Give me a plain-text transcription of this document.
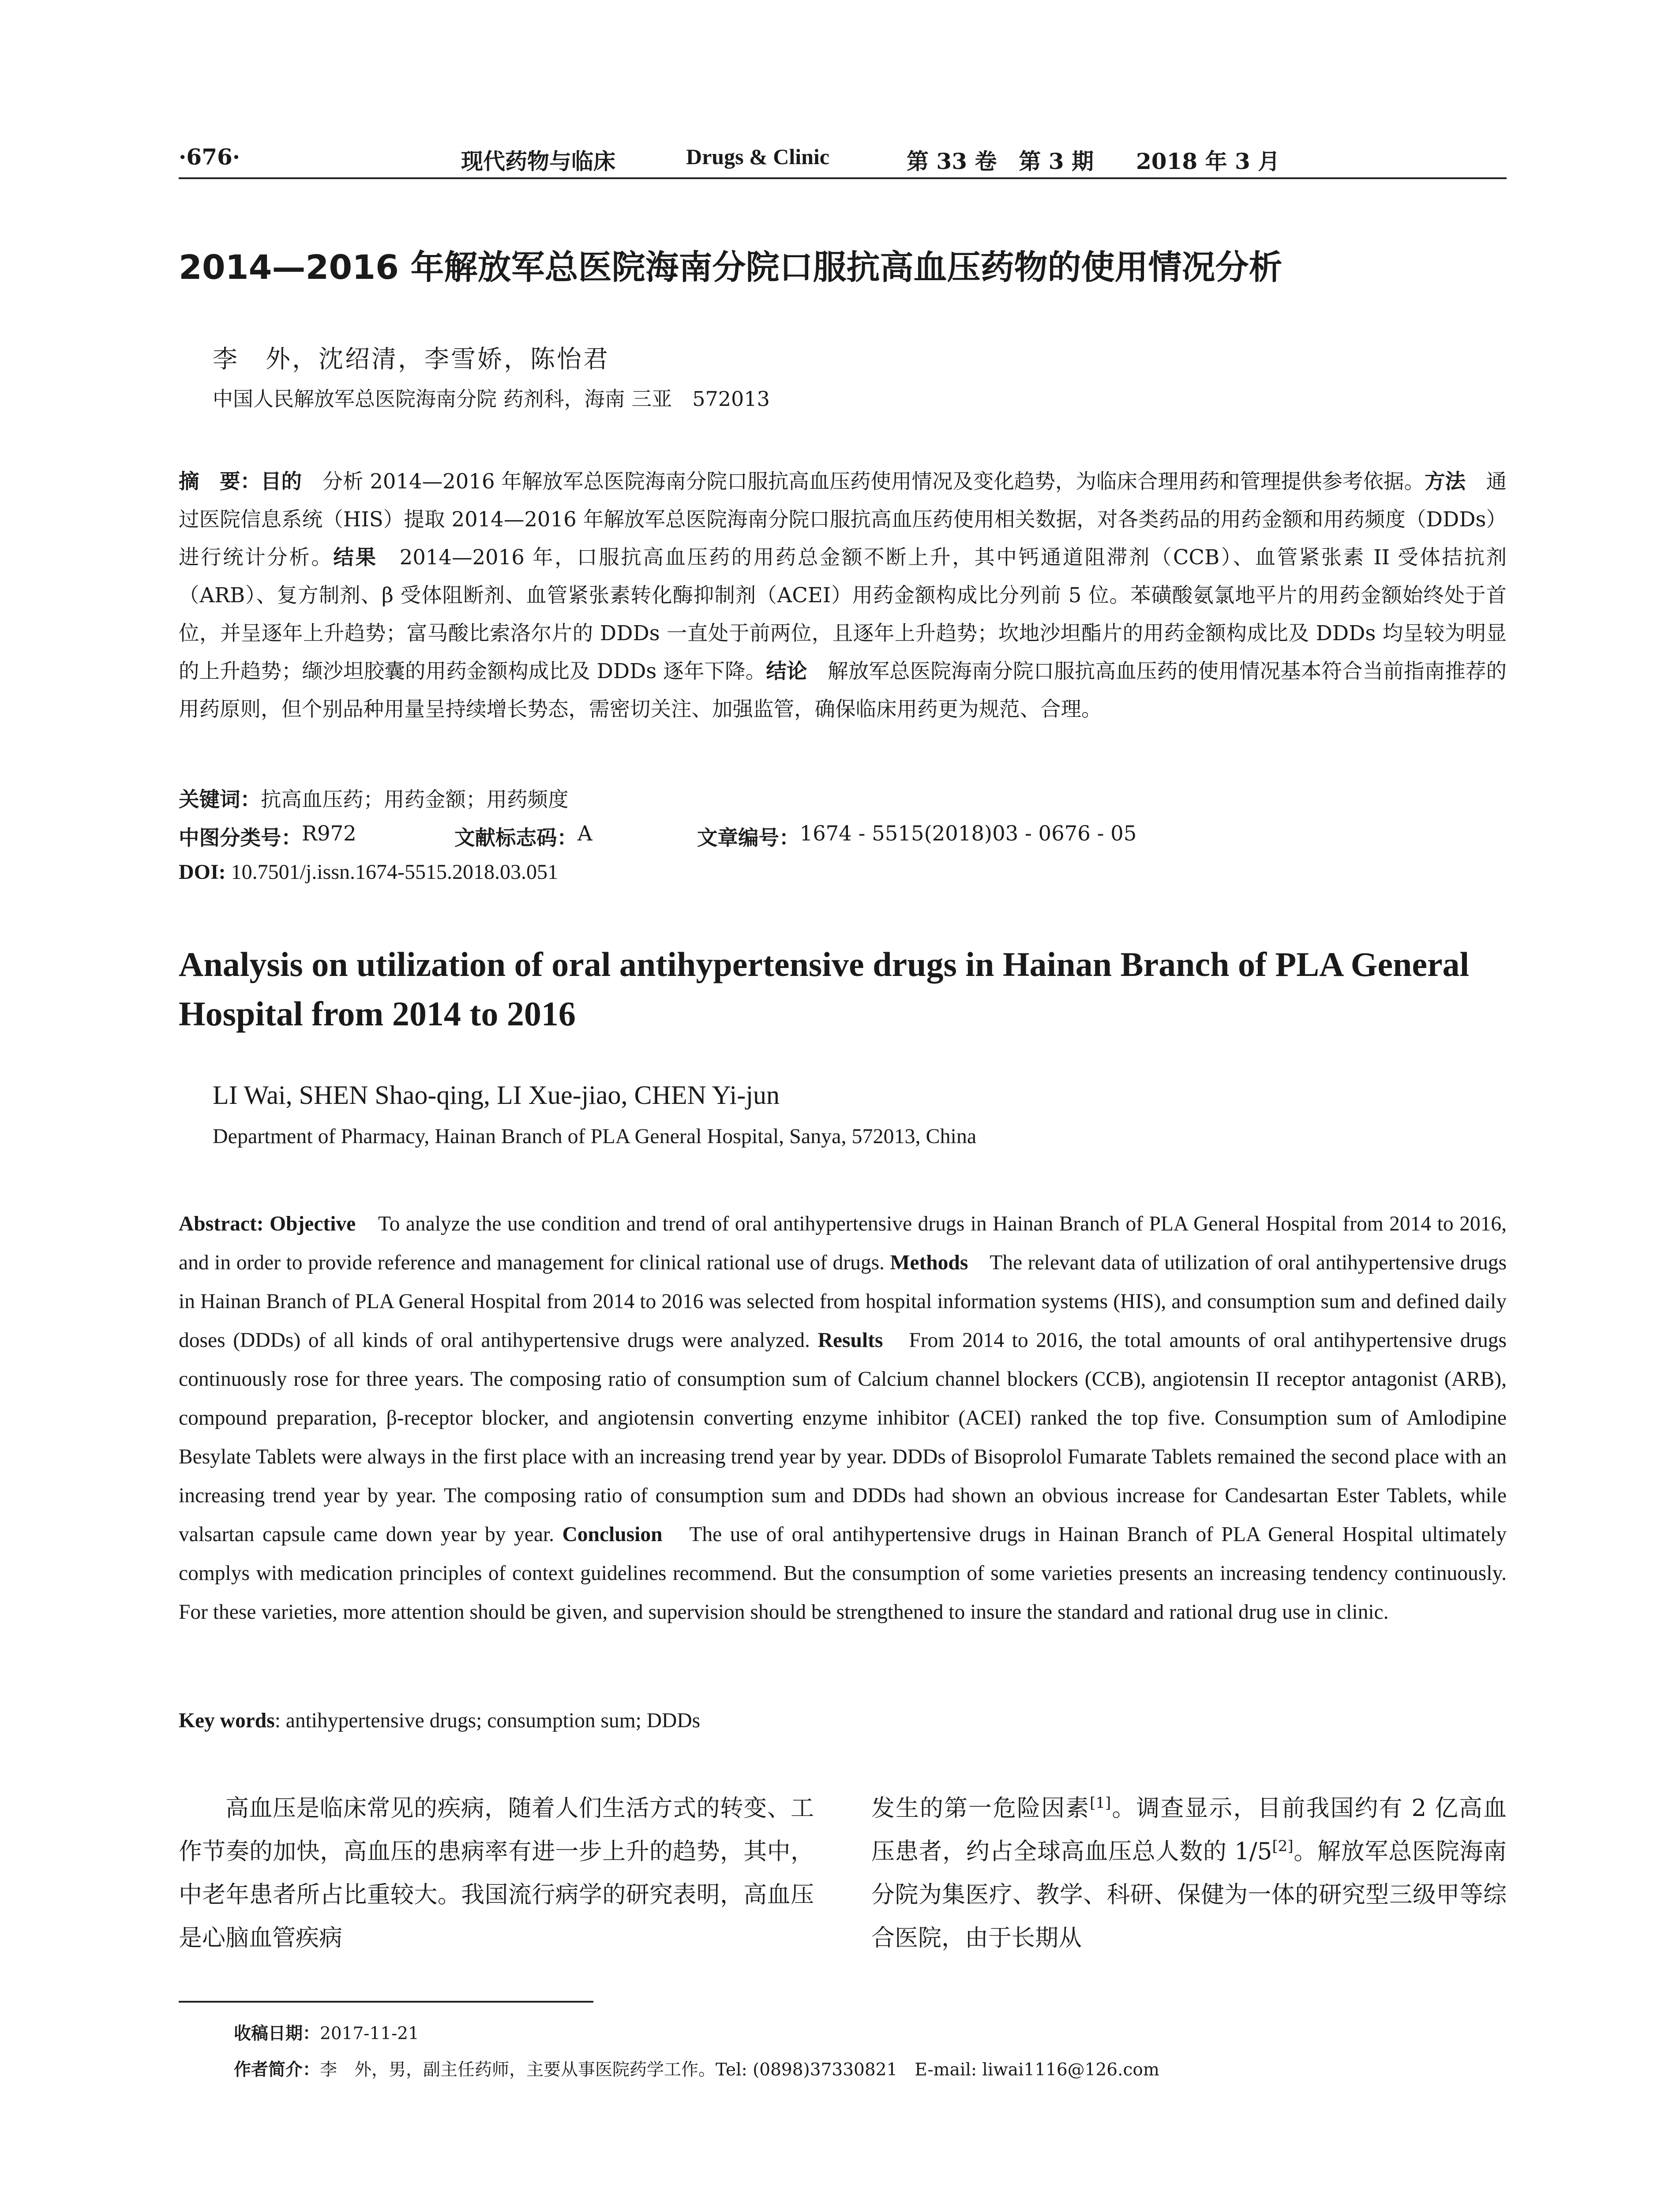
·676·	现代药物与临床	Drugs & Clinic	第 33 卷　第 3 期 2018 年 3 月
2014—2016 年解放军总医院海南分院口服抗高血压药物的使用情况分析
李　外，沈绍清，李雪娇，陈怡君
中国人民解放军总医院海南分院 药剂科，海南 三亚　572013

摘　要：目的　分析 2014—2016 年解放军总医院海南分院口服抗高血压药使用情况及变化趋势，为临床合理用药和管理提供参考依据。方法　通过医院信息系统（HIS）提取 2014—2016 年解放军总医院海南分院口服抗高血压药使用相关数据，对各类药品的用药金额和用药频度（DDDs）进行统计分析。结果　2014—2016 年，口服抗高血压药的用药总金额不断上升，其中钙通道阻滞剂（CCB）、血管紧张素 II 受体拮抗剂（ARB）、复方制剂、β 受体阻断剂、血管紧张素转化酶抑制剂（ACEI）用药金额构成比分列前 5 位。苯磺酸氨氯地平片的用药金额始终处于首位，并呈逐年上升趋势；富马酸比索洛尔片的 DDDs 一直处于前两位，且逐年上升趋势；坎地沙坦酯片的用药金额构成比及 DDDs 均呈较为明显的上升趋势；缬沙坦胶囊的用药金额构成比及 DDDs 逐年下降。结论　解放军总医院海南分院口服抗高血压药的使用情况基本符合当前指南推荐的用药原则，但个别品种用量呈持续增长势态，需密切关注、加强监管，确保临床用药更为规范、合理。

关键词：抗高血压药；用药金额；用药频度
中图分类号： R972	文献标志码： A	文章编号： 1674 - 5515(2018)03 - 0676 - 05
DOI: 10.7501/j.issn.1674-5515.2018.03.051
Analysis on utilization of oral antihypertensive drugs in Hainan Branch of PLA General Hospital from 2014 to 2016
LI Wai, SHEN Shao-qing, LI Xue-jiao, CHEN Yi-jun
Department of Pharmacy, Hainan Branch of PLA General Hospital, Sanya, 572013, China

Abstract: Objective　To analyze the use condition and trend of oral antihypertensive drugs in Hainan Branch of PLA General Hospital from 2014 to 2016, and in order to provide reference and management for clinical rational use of drugs. Methods　The relevant data of utilization of oral antihypertensive drugs in Hainan Branch of PLA General Hospital from 2014 to 2016 was selected from hospital information systems (HIS), and consumption sum and defined daily doses (DDDs) of all kinds of oral antihypertensive drugs were analyzed. Results　From 2014 to 2016, the total amounts of oral antihypertensive drugs continuously rose for three years. The composing ratio of consumption sum of Calcium channel blockers (CCB), angiotensin II receptor antagonist (ARB), compound preparation, β-receptor blocker, and angiotensin converting enzyme inhibitor (ACEI) ranked the top five. Consumption sum of Amlodipine Besylate Tablets were always in the first place with an increasing trend year by year. DDDs of Bisoprolol Fumarate Tablets remained the second place with an increasing trend year by year. The composing ratio of consumption sum and DDDs had shown an obvious increase for Candesartan Ester Tablets, while valsartan capsule came down year by year. Conclusion　The use of oral antihypertensive drugs in Hainan Branch of PLA General Hospital ultimately complys with medication principles of context guidelines recommend. But the consumption of some varieties presents an increasing tendency continuously. For these varieties, more attention should be given, and supervision should be strengthened to insure the standard and rational drug use in clinic.

Key words: antihypertensive drugs; consumption sum; DDDs

高血压是临床常见的疾病，随着人们生活方式的转变、工作节奏的加快，高血压的患病率有进一步上升的趋势，其中，中老年患者所占比重较大。我国流行病学的研究表明，高血压是心脑血管疾病

发生的第一危险因素[1]。调查显示，目前我国约有 2 亿高血压患者，约占全球高血压总人数的 1/5[2]。解放军总医院海南分院为集医疗、教学、科研、保健为一体的研究型三级甲等综合医院，由于长期从

收稿日期：2017-11-21
作者简介：李　外，男，副主任药师，主要从事医院药学工作。Tel: (0898)37330821　E-mail: liwai1116@126.com
